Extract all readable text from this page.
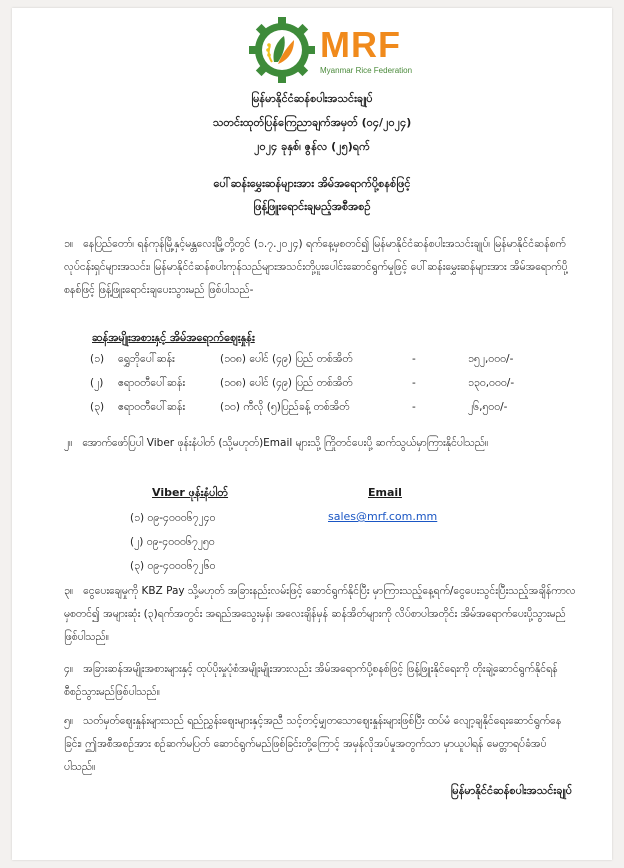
MRF
Myanmar Rice Federation
မြန်မာနိုင်ငံဆန်စပါးအသင်းချုပ်
သတင်းထုတ်ပြန်ကြေညာချက်အမှတ် (၀၄/၂၀၂၄)
၂၀၂၄ ခုနှစ်၊ ဇွန်လ (၂၅)ရက်
ပေါ်ဆန်းမွှေးဆန်များအား အိမ်အရောက်ပို့စနစ်ဖြင့်
ဖြန့်ဖြူးရောင်းချမည့်အစီအစဉ်
၁။ နေပြည်တော်၊ ရန်ကုန်မြို့နှင့်မန္တလေးမြို့တို့တွင် (၁.၇.၂၀၂၄) ရက်နေ့မှစတင်၍ မြန်မာနိုင်ငံဆန်စပါးအသင်းချုပ်၊ မြန်မာနိုင်ငံဆန်စက်လုပ်ငန်းရှင်များအသင်း၊ မြန်မာနိုင်ငံဆန်စပါးကုန်သည်များအသင်းတို့ပူးပေါင်းဆောင်ရွက်မှုဖြင့် ပေါ်ဆန်းမွှေးဆန်များအား အိမ်အရောက်ပို့စနစ်ဖြင့် ဖြန့်ဖြူးရောင်းချပေးသွားမည် ဖြစ်ပါသည်-
ဆန်အမျိုးအစားနှင့် အိမ်အရောက်ဈေးနှုန်း
(၁) ရွှေဘိုပေါ်ဆန်း	(၁၀၈) ပေါင် (၄၉) ပြည် တစ်အိတ်	-	၁၅၂,၀၀၀/-
(၂) ဧရာဝတီပေါ်ဆန်း	(၁၀၈) ပေါင် (၄၉) ပြည် တစ်အိတ်	-	၁၃၀,၀၀၀/-
(၃) ဧရာဝတီပေါ်ဆန်း	(၁၀) ကီလို (၅)ပြည်ခန့် တစ်အိတ်	-	၂၆,၅၀၀/-
၂။ အောက်ဖော်ပြပါ Viber ဖုန်းနံပါတ် (သို့မဟုတ်)Email များသို့ ကြိုတင်ပေးပို့ ဆက်သွယ်မှာကြားနိုင်ပါသည်။
Viber ဖုန်းနံပါတ်	Email
(၁) ၀၉-၄၀၀၀၆၇၂၄၀	sales@mrf.com.mm
(၂) ၀၉-၄၀၀၀၆၇၂၅၀
(၃) ၀၉-၄၀၀၀၆၇၂၆၀
၃။ ငွေပေးချေမှုကို KBZ Pay သို့မဟုတ် အခြားနည်းလမ်းဖြင့် ဆောင်ရွက်နိုင်ပြီး မှာကြားသည့်နေ့ရက်/ငွေပေးသွင်းပြီးသည့်အချိန်ကာလမှစတင်၍ အများဆုံး (၃)ရက်အတွင်း အရည်အသွေးမှန်၊ အလေးချိန်မှန် ဆန်အိတ်များကို လိပ်စာပါအတိုင်း အိမ်အရောက်ပေးပို့သွားမည် ဖြစ်ပါသည်။
၄။ အခြားဆန်အမျိုးအစားများနှင့် ထုပ်ပိုးမှုပုံစံအမျိုးမျိုးအားလည်း အိမ်အရောက်ပို့စနစ်ဖြင့် ဖြန့်ဖြူးနိုင်ရေးကို တိုးချဲ့ဆောင်ရွက်နိုင်ရန် စီစဉ်သွားမည်ဖြစ်ပါသည်။
၅။ သတ်မှတ်ဈေးနှုန်းများသည် ရည်ညွှန်းဈေးများနှင့်အညီ သင့်တင့်မျှတသောဈေးနှုန်းများဖြစ်ပြီး ထပ်မံ လျော့ချနိုင်ရေးဆောင်ရွက်နေခြင်း၊ ဤအစီအစဉ်အား စဉ်ဆက်မပြတ် ဆောင်ရွက်မည်ဖြစ်ခြင်းတို့ကြောင့် အမှန်လိုအပ်မှုအတွက်သာ မှာယူပါရန် မေတ္တာရပ်ခံအပ်ပါသည်။
မြန်မာနိုင်ငံဆန်စပါးအသင်းချုပ်
